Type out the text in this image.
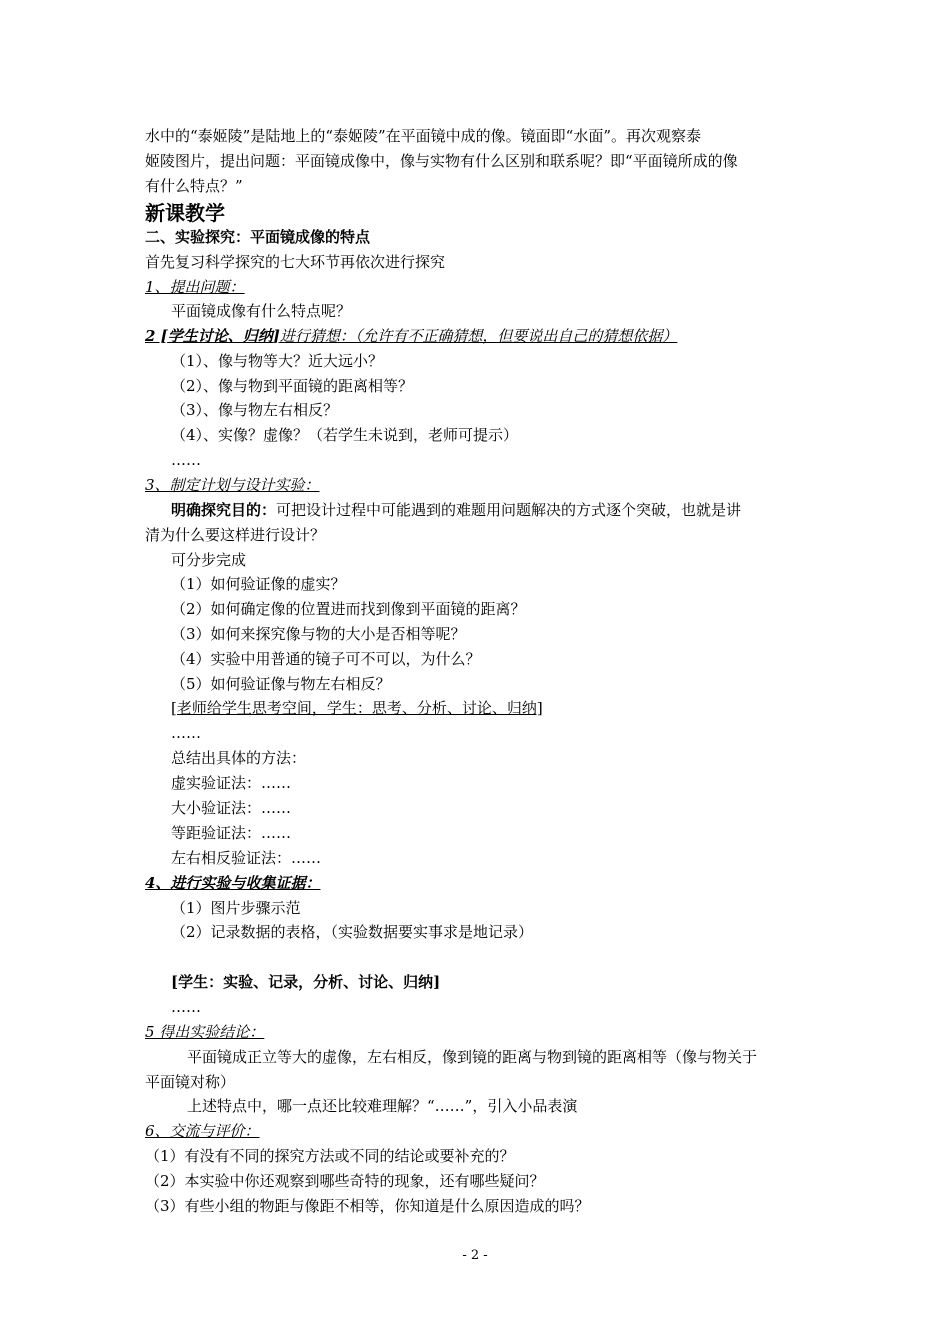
水中的“泰姬陵”是陆地上的“泰姬陵”在平面镜中成的像。镜面即“水面”。再次观察泰
姬陵图片，提出问题：平面镜成像中，像与实物有什么区别和联系呢？即“平面镜所成的像
有什么特点？”
新课教学
二、实验探究：平面镜成像的特点
首先复习科学探究的七大环节再依次进行探究
1、提出问题：
平面镜成像有什么特点呢？
2 [学生讨论、归纳]进行猜想：（允许有不正确猜想，但要说出自己的猜想依据）
（1）、像与物等大？近大远小？
（2）、像与物到平面镜的距离相等？
（3）、像与物左右相反？
（4）、实像？虚像？（若学生未说到，老师可提示）
……
3、制定计划与设计实验：
明确探究目的：可把设计过程中可能遇到的难题用问题解决的方式逐个突破，也就是讲
清为什么要这样进行设计？
可分步完成
（1）如何验证像的虚实？
（2）如何确定像的位置进而找到像到平面镜的距离？
（3）如何来探究像与物的大小是否相等呢？
（4）实验中用普通的镜子可不可以，为什么？
（5）如何验证像与物左右相反？
[老师给学生思考空间，学生：思考、分析、讨论、归纳]
……
总结出具体的方法：
虚实验证法：……
大小验证法：……
等距验证法：……
左右相反验证法：……
4、进行实验与收集证据：
（1）图片步骤示范
（2）记录数据的表格，（实验数据要实事求是地记录）
[学生：实验、记录，分析、讨论、归纳]
……
5 得出实验结论：
平面镜成正立等大的虚像，左右相反，像到镜的距离与物到镜的距离相等（像与物关于
平面镜对称）
上述特点中，哪一点还比较难理解？“……”，引入小品表演
6、交流与评价：
（1）有没有不同的探究方法或不同的结论或要补充的？
（2）本实验中你还观察到哪些奇特的现象，还有哪些疑问？
（3）有些小组的物距与像距不相等，你知道是什么原因造成的吗？
- 2 -
